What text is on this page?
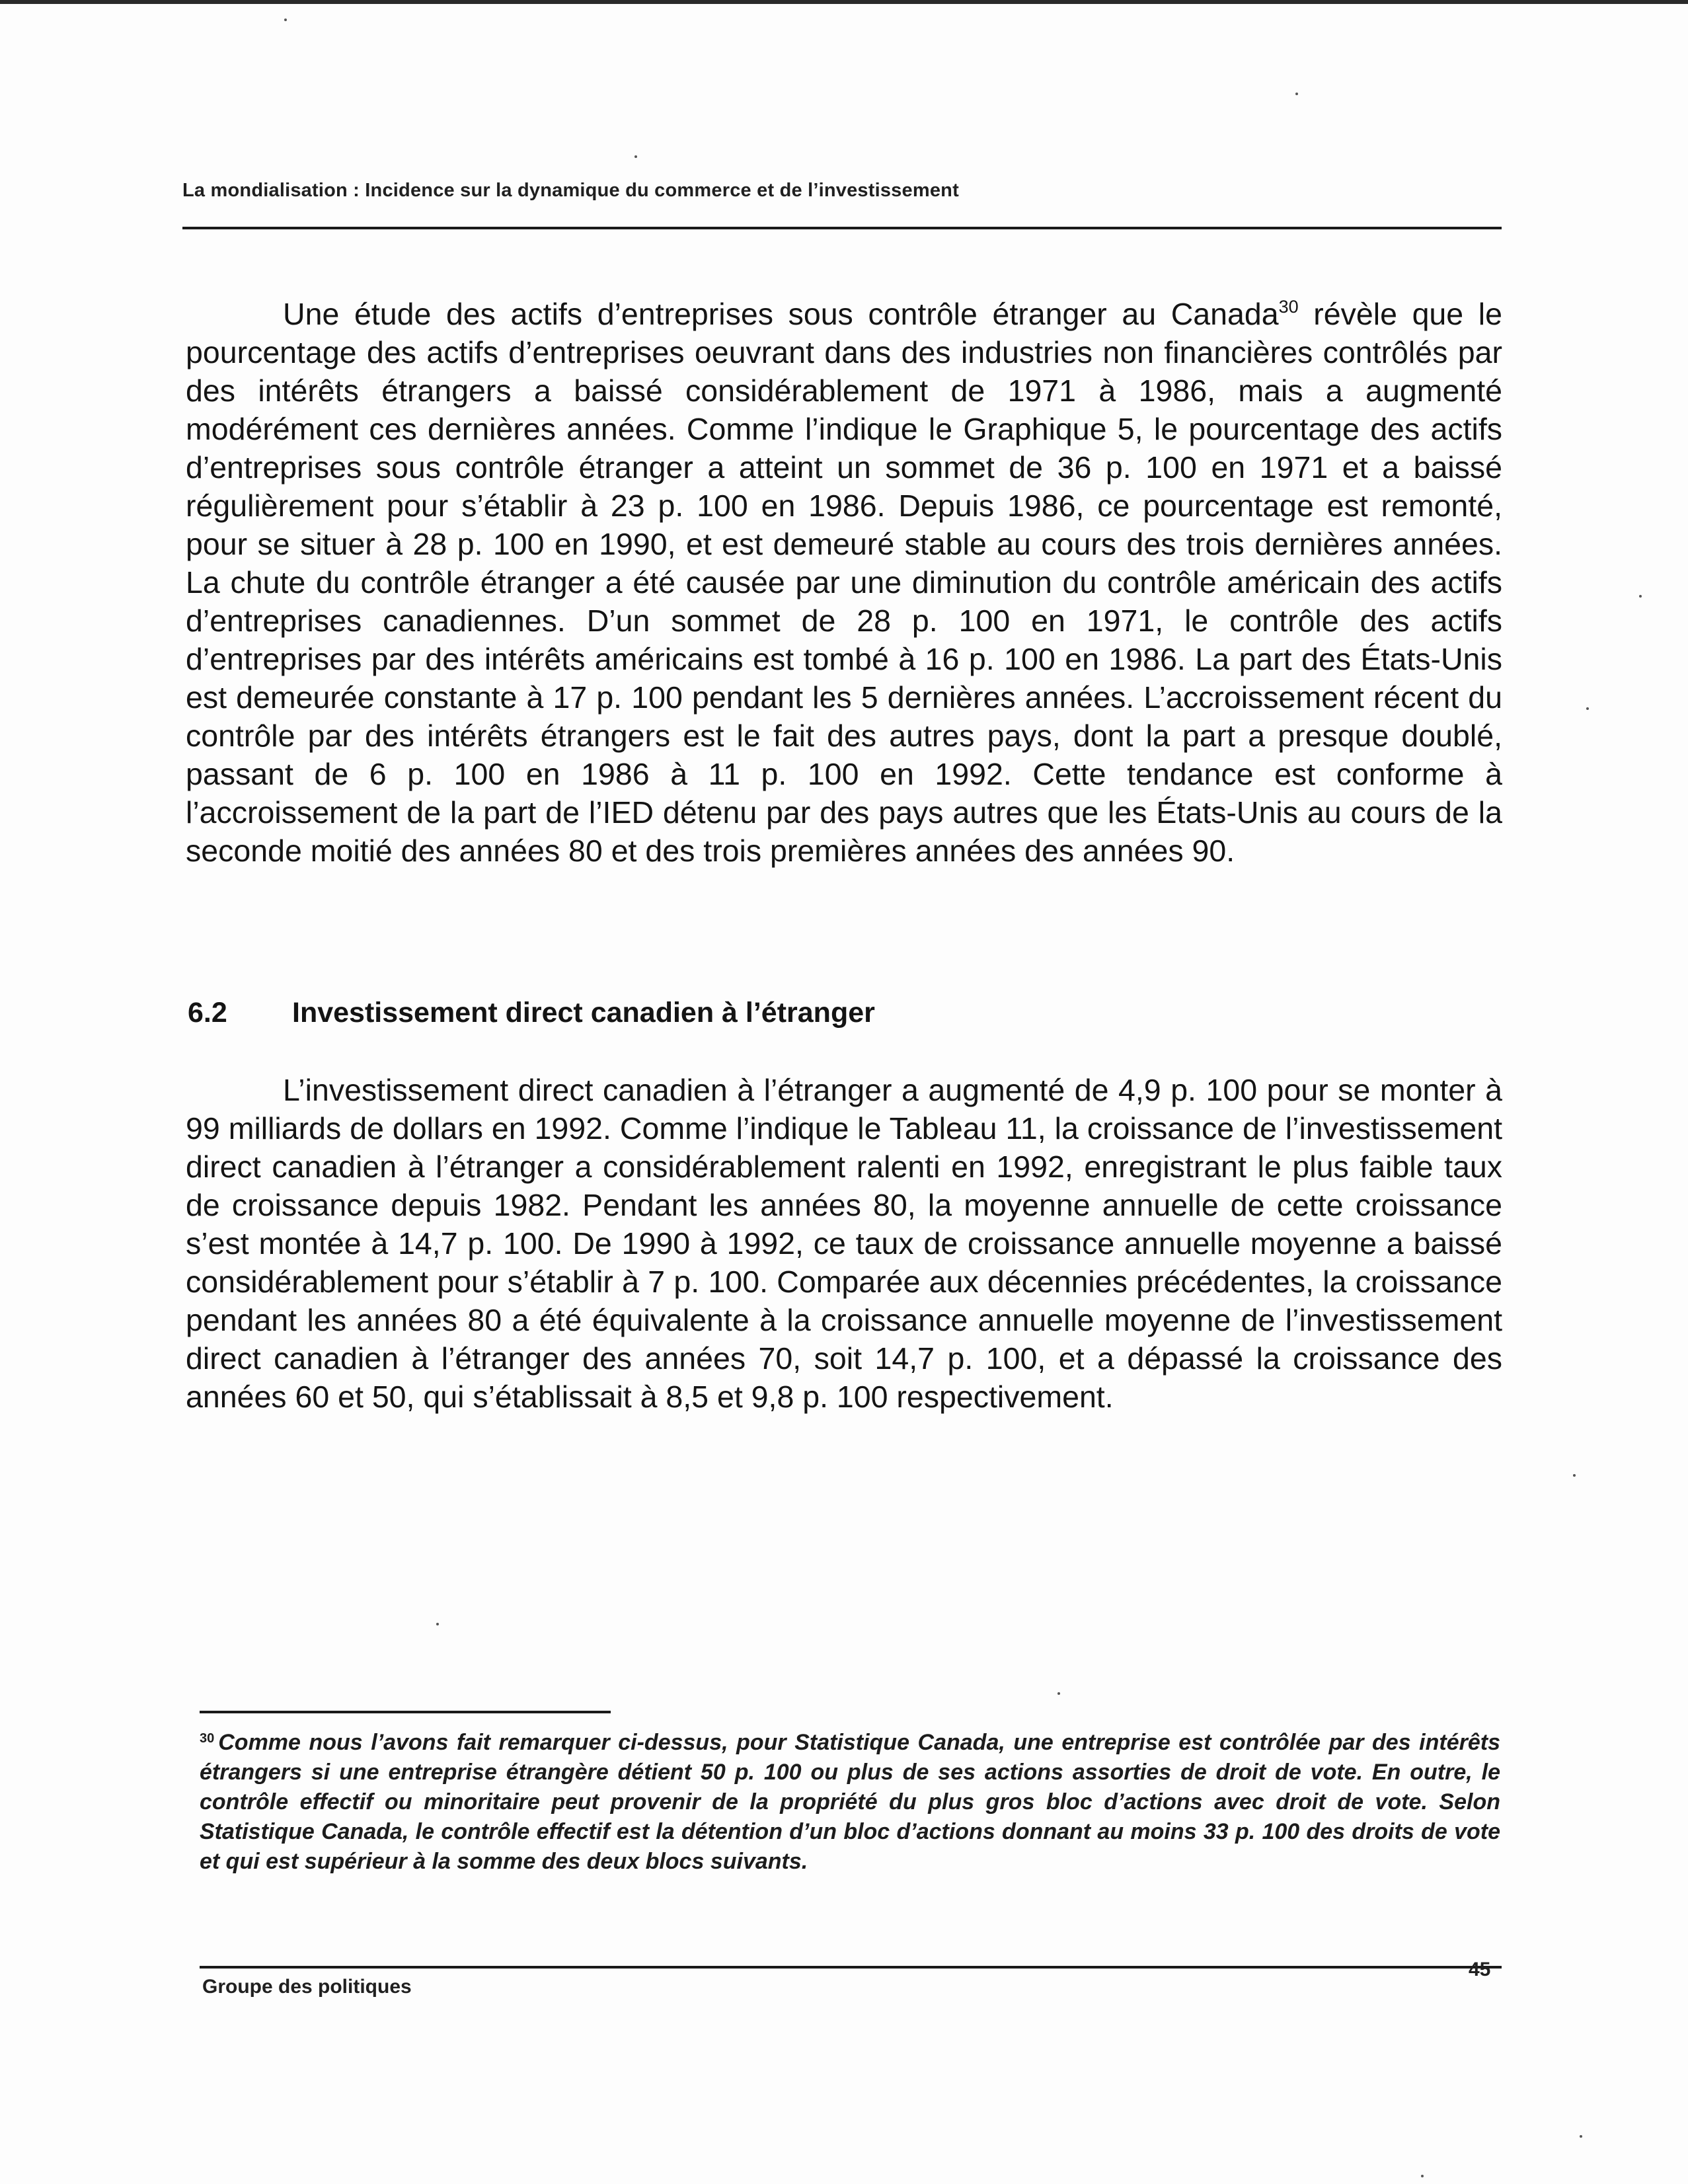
La mondialisation : Incidence sur la dynamique du commerce et de l’investissement

Une étude des actifs d’entreprises sous contrôle étranger au Canada$^{30}$ révèle que le pourcentage des actifs d’entreprises oeuvrant dans des industries non financières contrôlés par des intérêts étrangers a baissé considérablement de 1971 à 1986, mais a augmenté modérément ces dernières années. Comme l’indique le Graphique 5, le pourcentage des actifs d’entreprises sous contrôle étranger a atteint un sommet de 36 p. 100 en 1971 et a baissé régulièrement pour s’établir à 23 p. 100 en 1986. Depuis 1986, ce pourcentage est remonté, pour se situer à 28 p. 100 en 1990, et est demeuré stable au cours des trois dernières années. La chute du contrôle étranger a été causée par une diminution du contrôle américain des actifs d’entreprises canadiennes. D’un sommet de 28 p. 100 en 1971, le contrôle des actifs d’entreprises par des intérêts américains est tombé à 16 p. 100 en 1986. La part des États-Unis est demeurée constante à 17 p. 100 pendant les 5 dernières années. L’accroissement récent du contrôle par des intérêts étrangers est le fait des autres pays, dont la part a presque doublé, passant de 6 p. 100 en 1986 à 11 p. 100 en 1992. Cette tendance est conforme à l’accroissement de la part de l’IED détenu par des pays autres que les États-Unis au cours de la seconde moitié des années 80 et des trois premières années des années 90.

6.2 Investissement direct canadien à l’étranger

L’investissement direct canadien à l’étranger a augmenté de 4,9 p. 100 pour se monter à 99 milliards de dollars en 1992. Comme l’indique le Tableau 11, la croissance de l’investissement direct canadien à l’étranger a considérablement ralenti en 1992, enregistrant le plus faible taux de croissance depuis 1982. Pendant les années 80, la moyenne annuelle de cette croissance s’est montée à 14,7 p. 100. De 1990 à 1992, ce taux de croissance annuelle moyenne a baissé considérablement pour s’établir à 7 p. 100. Comparée aux décennies précédentes, la croissance pendant les années 80 a été équivalente à la croissance annuelle moyenne de l’investissement direct canadien à l’étranger des années 70, soit 14,7 p. 100, et a dépassé la croissance des années 60 et 50, qui s’établissait à 8,5 et 9,8 p. 100 respectivement.

$^{30}$ Comme nous l’avons fait remarquer ci-dessus, pour Statistique Canada, une entreprise est contrôlée par des intérêts étrangers si une entreprise étrangère détient 50 p. 100 ou plus de ses actions assorties de droit de vote. En outre, le contrôle effectif ou minoritaire peut provenir de la propriété du plus gros bloc d’actions avec droit de vote. Selon Statistique Canada, le contrôle effectif est la détention d’un bloc d’actions donnant au moins 33 p. 100 des droits de vote et qui est supérieur à la somme des deux blocs suivants.

Groupe des politiques
45
